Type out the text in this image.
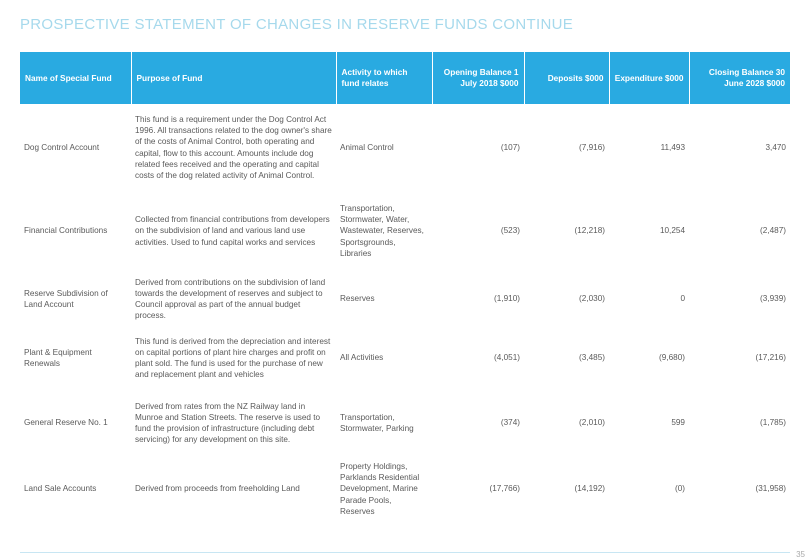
PROSPECTIVE STATEMENT OF CHANGES IN RESERVE FUNDS CONTINUE
Name of Special Fund	Purpose of Fund	Activity to which fund relates	Opening Balance 1 July 2018 $000	Deposits $000	Expenditure $000	Closing Balance 30 June 2028 $000
Dog Control Account	This fund is a requirement under the Dog Control Act 1996. All transactions related to the dog owner's share of the costs of Animal Control, both operating and capital, flow to this account. Amounts include dog related fees received and the operating and capital costs of the dog related activity of Animal Control.	Animal Control	(107)	(7,916)	11,493	3,470
Financial Contributions	Collected from financial contributions from developers on the subdivision of land and various land use activities. Used to fund capital works and services	Transportation, Stormwater, Water, Wastewater, Reserves, Sportsgrounds, Libraries	(523)	(12,218)	10,254	(2,487)
Reserve Subdivision of Land Account	Derived from contributions on the subdivision of land towards the development of reserves and subject to Council approval as part of the annual budget process.	Reserves	(1,910)	(2,030)	0	(3,939)
Plant & Equipment Renewals	This fund is derived from the depreciation and interest on capital portions of plant hire charges and profit on plant sold. The fund is used for the purchase of new and replacement plant and vehicles	All Activities	(4,051)	(3,485)	(9,680)	(17,216)
General Reserve No. 1	Derived from rates from the NZ Railway land in Munroe and Station Streets. The reserve is used to fund the provision of infrastructure (including debt servicing) for any development on this site.	Transportation, Stormwater, Parking	(374)	(2,010)	599	(1,785)
Land Sale Accounts	Derived from proceeds from freeholding Land	Property Holdings, Parklands Residential Development, Marine Parade Pools, Reserves	(17,766)	(14,192)	(0)	(31,958)
35
